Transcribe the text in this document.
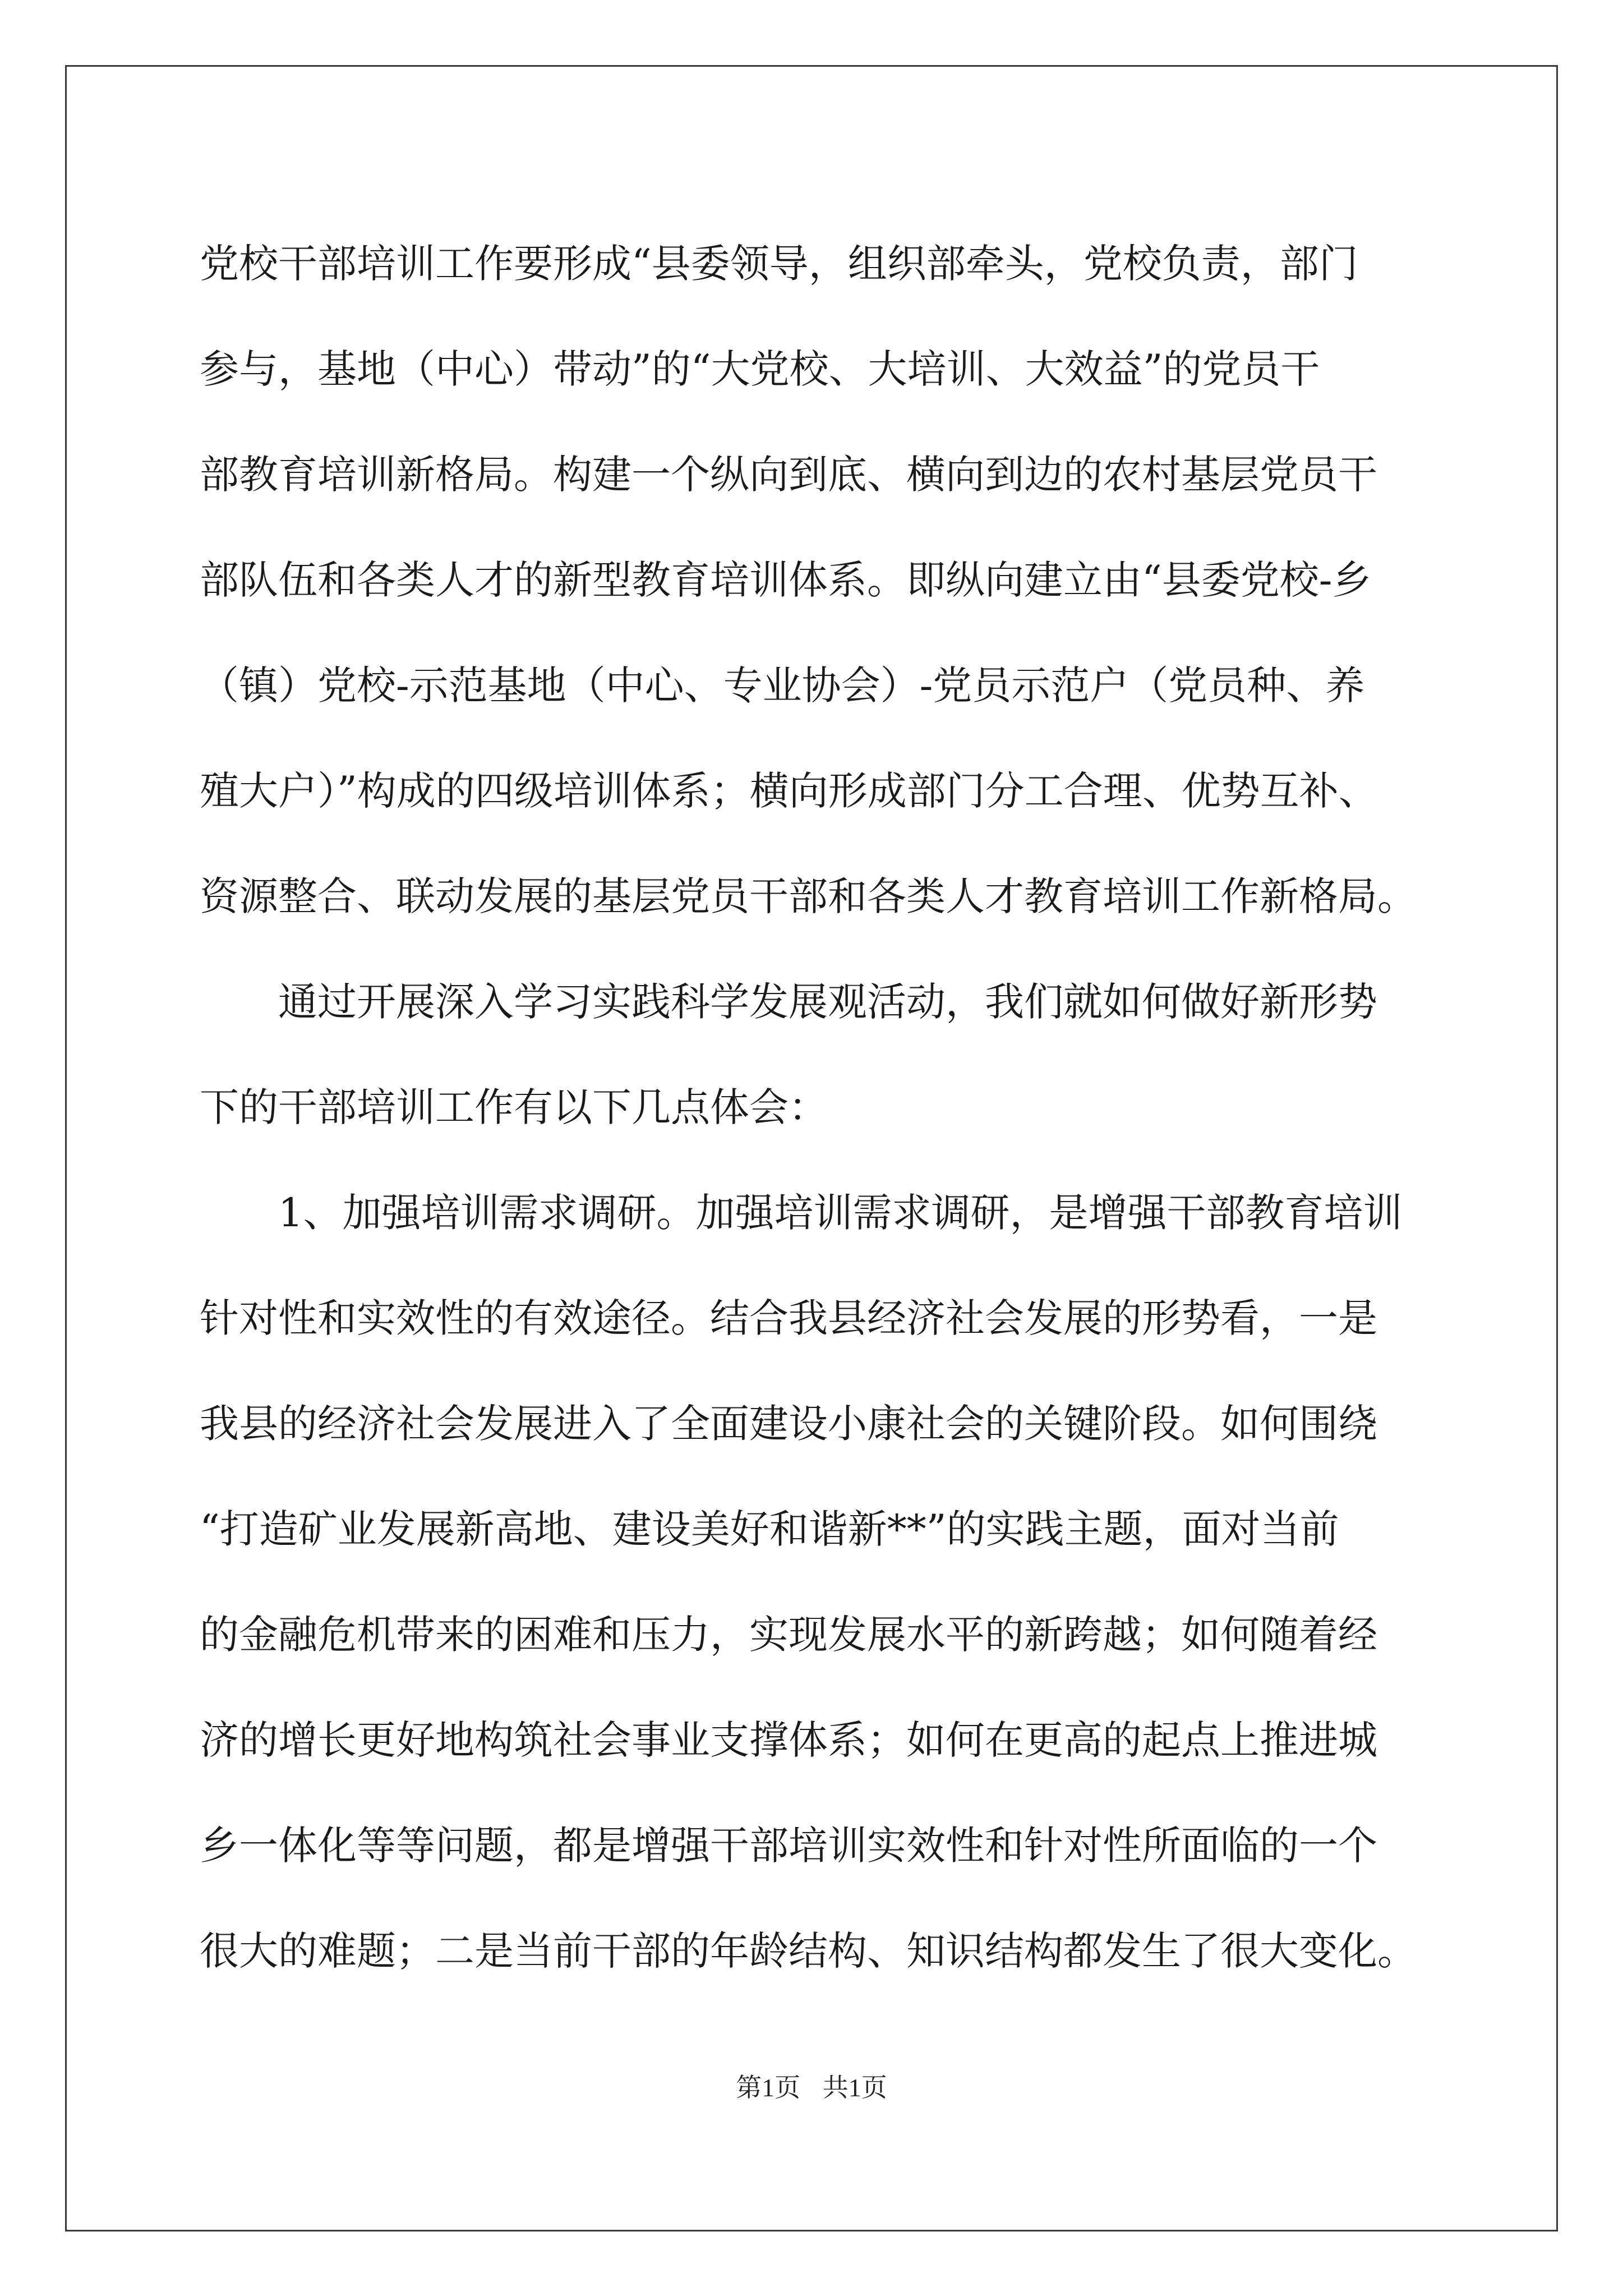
党校干部培训工作要形成“县委领导，组织部牵头，党校负责，部门
参与，基地（中心）带动”的“大党校、大培训、大效益”的党员干
部教育培训新格局。构建一个纵向到底、横向到边的农村基层党员干
部队伍和各类人才的新型教育培训体系。即纵向建立由“县委党校-乡
（镇）党校-示范基地（中心、专业协会）-党员示范户（党员种、养
殖大户）”构成的四级培训体系；横向形成部门分工合理、优势互补、
资源整合、联动发展的基层党员干部和各类人才教育培训工作新格局。
通过开展深入学习实践科学发展观活动，我们就如何做好新形势
下的干部培训工作有以下几点体会：
1、加强培训需求调研。加强培训需求调研，是增强干部教育培训
针对性和实效性的有效途径。结合我县经济社会发展的形势看，一是
我县的经济社会发展进入了全面建设小康社会的关键阶段。如何围绕
“打造矿业发展新高地、建设美好和谐新**”的实践主题，面对当前
的金融危机带来的困难和压力，实现发展水平的新跨越；如何随着经
济的增长更好地构筑社会事业支撑体系；如何在更高的起点上推进城
乡一体化等等问题，都是增强干部培训实效性和针对性所面临的一个
很大的难题；二是当前干部的年龄结构、知识结构都发生了很大变化。
第1页 共1页
